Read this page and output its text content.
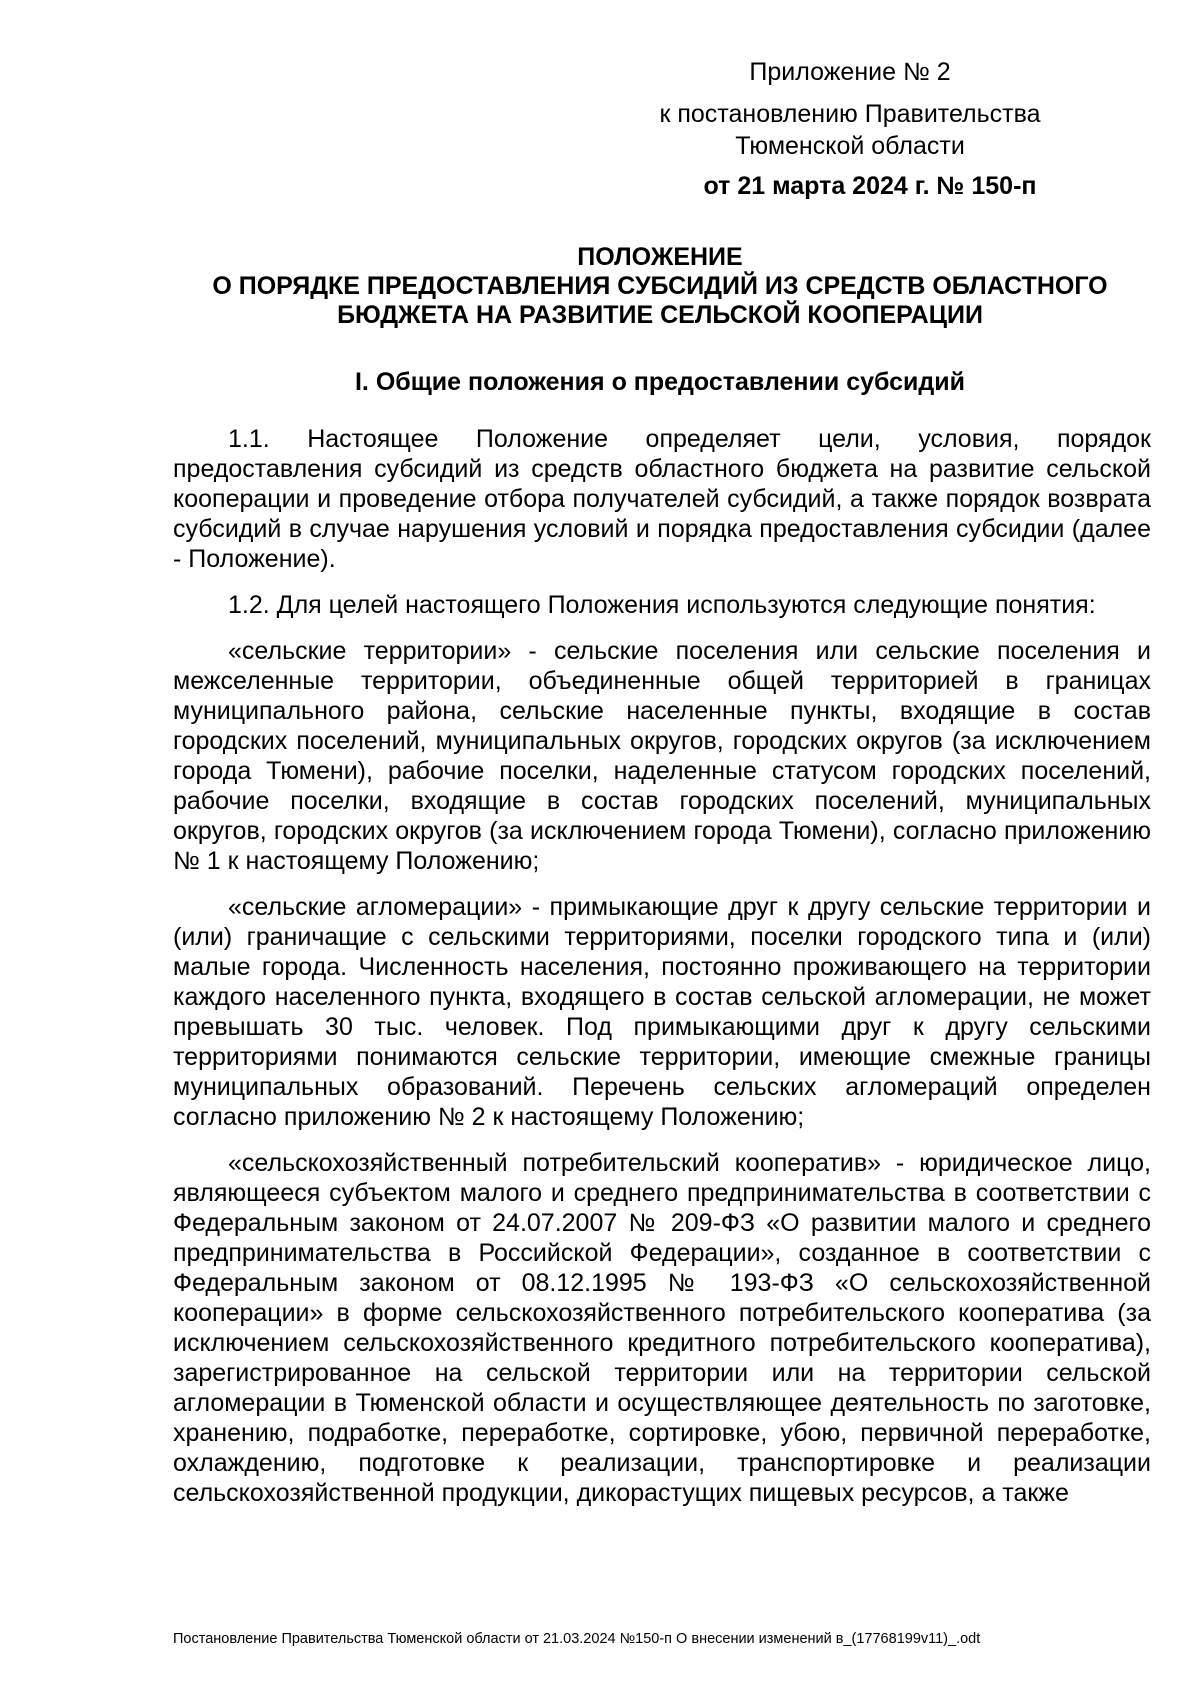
Приложение № 2
к постановлению Правительства
Тюменской области
от 21 марта 2024 г. № 150-п
ПОЛОЖЕНИЕ
О ПОРЯДКЕ ПРЕДОСТАВЛЕНИЯ СУБСИДИЙ ИЗ СРЕДСТВ ОБЛАСТНОГО
БЮДЖЕТА НА РАЗВИТИЕ СЕЛЬСКОЙ КООПЕРАЦИИ
I. Общие положения о предоставлении субсидий

1.1. Настоящее Положение определяет цели, условия, порядок предоставления субсидий из средств областного бюджета на развитие сельской кооперации и проведение отбора получателей субсидий, а также порядок возврата субсидий в случае нарушения условий и порядка предоставления субсидии (далее - Положение).

1.2. Для целей настоящего Положения используются следующие понятия:

«сельские территории» - сельские поселения или сельские поселения и межселенные территории, объединенные общей территорией в границах муниципального района, сельские населенные пункты, входящие в состав городских поселений, муниципальных округов, городских округов (за исключением города Тюмени), рабочие поселки, наделенные статусом городских поселений, рабочие поселки, входящие в состав городских поселений, муниципальных округов, городских округов (за исключением города Тюмени), согласно приложению № 1 к настоящему Положению;

«сельские агломерации» - примыкающие друг к другу сельские территории и (или) граничащие с сельскими территориями, поселки городского типа и (или) малые города. Численность населения, постоянно проживающего на территории каждого населенного пункта, входящего в состав сельской агломерации, не может превышать 30 тыс. человек. Под примыкающими друг к другу сельскими территориями понимаются сельские территории, имеющие смежные границы муниципальных образований. Перечень сельских агломераций определен согласно приложению № 2 к настоящему Положению;

«сельскохозяйственный потребительский кооператив» - юридическое лицо, являющееся субъектом малого и среднего предпринимательства в соответствии с Федеральным законом от 24.07.2007 № 209-ФЗ «О развитии малого и среднего предпринимательства в Российской Федерации», созданное в соответствии с Федеральным законом от 08.12.1995 № 193-ФЗ «О сельскохозяйственной кооперации» в форме сельскохозяйственного потребительского кооператива (за исключением сельскохозяйственного кредитного потребительского кооператива), зарегистрированное на сельской территории или на территории сельской агломерации в Тюменской области и осуществляющее деятельность по заготовке, хранению, подработке, переработке, сортировке, убою, первичной переработке, охлаждению, подготовке к реализации, транспортировке и реализации сельскохозяйственной продукции, дикорастущих пищевых ресурсов, а также

Постановление Правительства Тюменской области от 21.03.2024 №150-п О внесении изменений в_(17768199v11)_.odt
